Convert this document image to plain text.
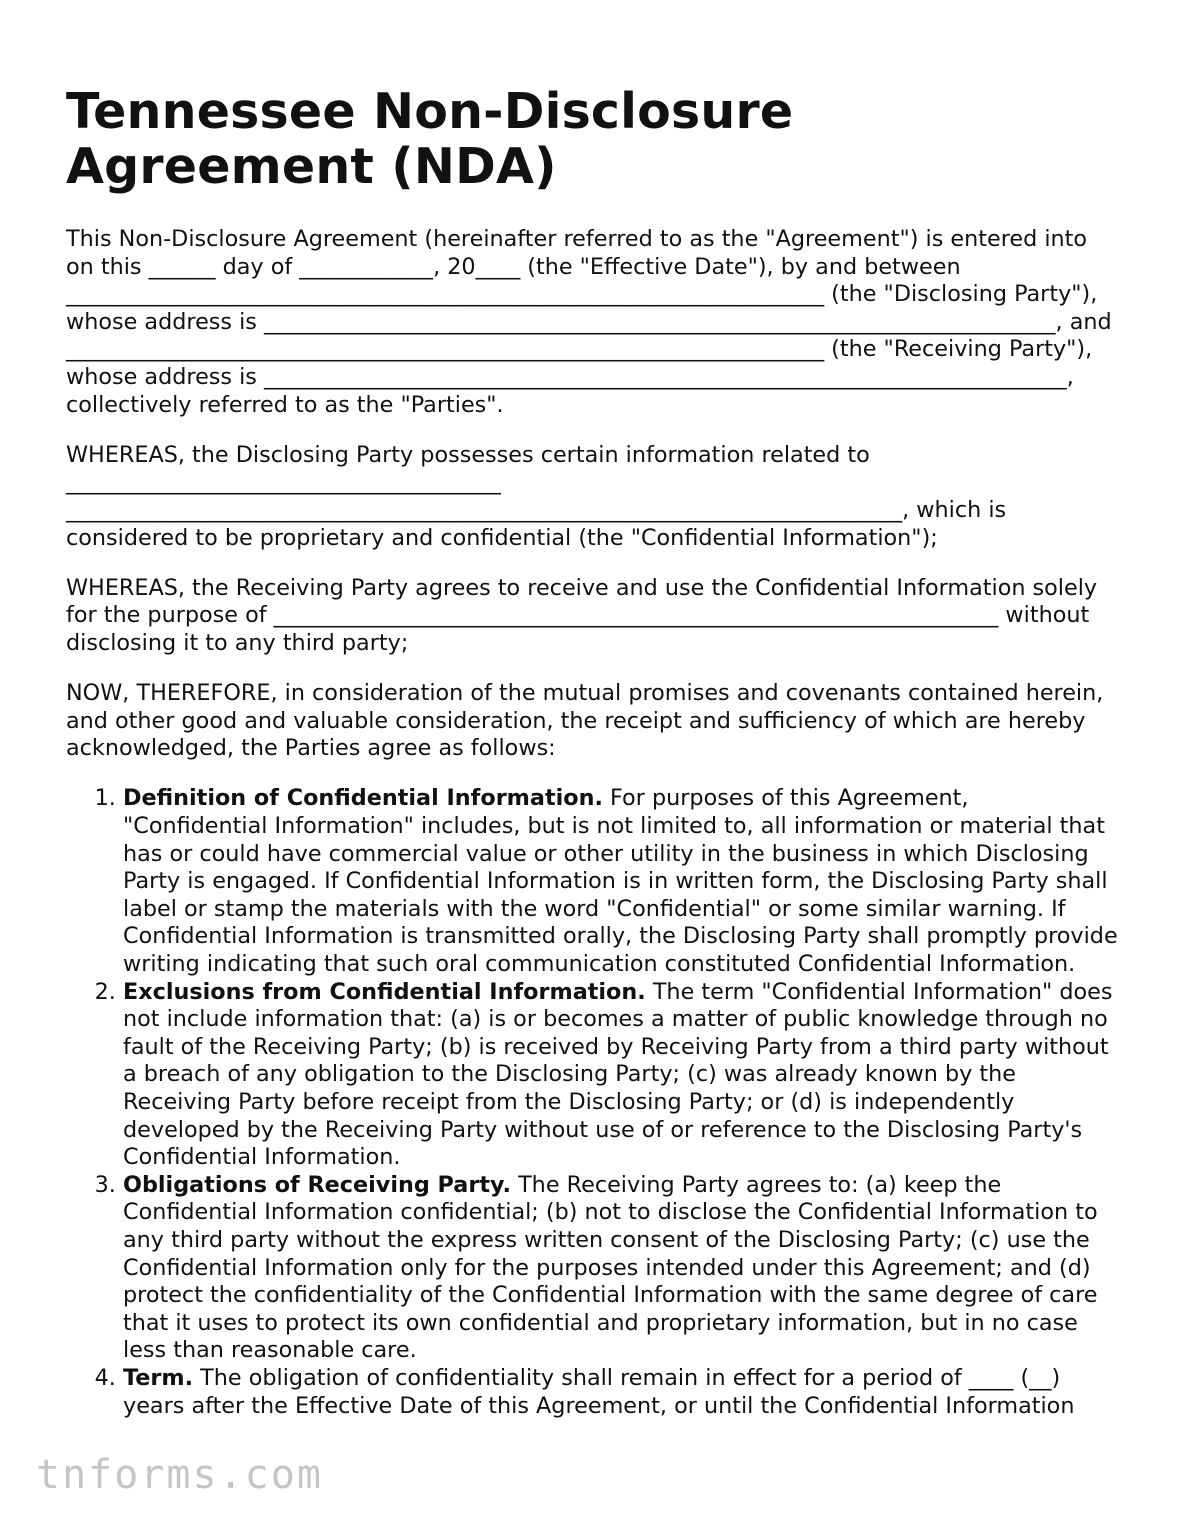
Tennessee Non-Disclosure Agreement (NDA)

This Non-Disclosure Agreement (hereinafter referred to as the "Agreement") is entered into on this ______ day of ____________, 20____ (the "Effective Date"), by and between ____________________________________________________________________ (the "Disclosing Party"), whose address is _______________________________________________________________________, and ____________________________________________________________________ (the "Receiving Party"), whose address is ________________________________________________________________________, collectively referred to as the "Parties".

WHEREAS, the Disclosing Party possesses certain information related to _______________________________________ ___________________________________________________________________________, which is considered to be proprietary and confidential (the "Confidential Information");

WHEREAS, the Receiving Party agrees to receive and use the Confidential Information solely for the purpose of _________________________________________________________________ without disclosing it to any third party;

NOW, THEREFORE, in consideration of the mutual promises and covenants contained herein, and other good and valuable consideration, the receipt and sufficiency of which are hereby acknowledged, the Parties agree as follows:

1. Definition of Confidential Information. For purposes of this Agreement, "Confidential Information" includes, but is not limited to, all information or material that has or could have commercial value or other utility in the business in which Disclosing Party is engaged. If Confidential Information is in written form, the Disclosing Party shall label or stamp the materials with the word "Confidential" or some similar warning. If Confidential Information is transmitted orally, the Disclosing Party shall promptly provide writing indicating that such oral communication constituted Confidential Information.
2. Exclusions from Confidential Information. The term "Confidential Information" does not include information that: (a) is or becomes a matter of public knowledge through no fault of the Receiving Party; (b) is received by Receiving Party from a third party without a breach of any obligation to the Disclosing Party; (c) was already known by the Receiving Party before receipt from the Disclosing Party; or (d) is independently developed by the Receiving Party without use of or reference to the Disclosing Party's Confidential Information.
3. Obligations of Receiving Party. The Receiving Party agrees to: (a) keep the Confidential Information confidential; (b) not to disclose the Confidential Information to any third party without the express written consent of the Disclosing Party; (c) use the Confidential Information only for the purposes intended under this Agreement; and (d) protect the confidentiality of the Confidential Information with the same degree of care that it uses to protect its own confidential and proprietary information, but in no case less than reasonable care.
4. Term. The obligation of confidentiality shall remain in effect for a period of ____ (__) years after the Effective Date of this Agreement, or until the Confidential Information
tnforms.com
